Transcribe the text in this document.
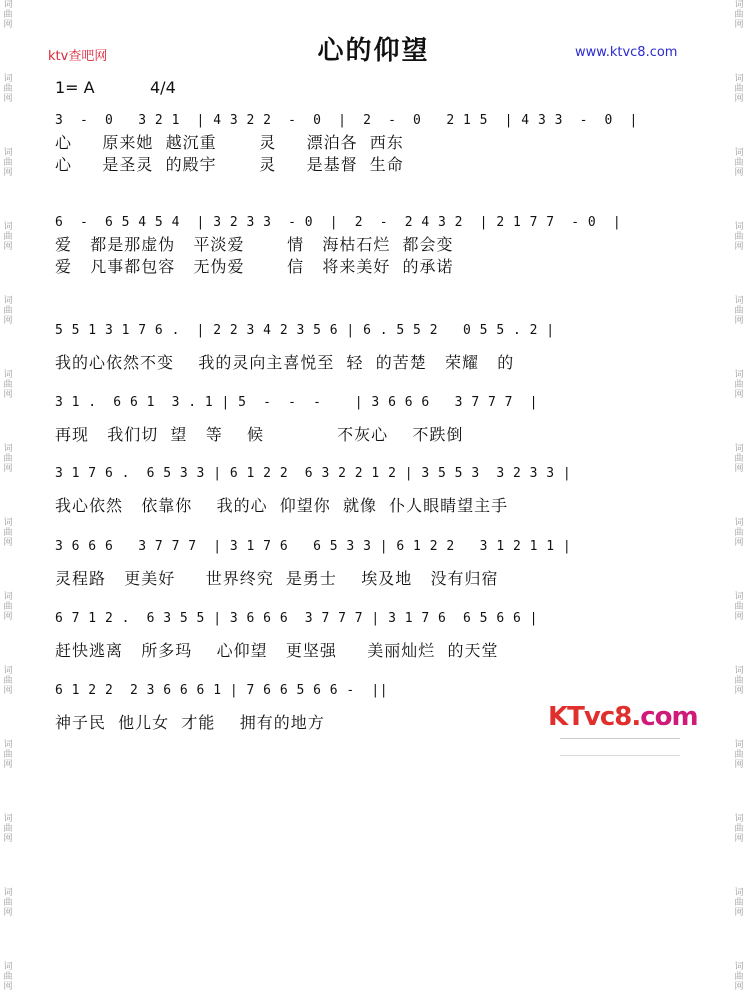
词
曲
网
词
曲
网
词
曲
网
词
曲
网
词
曲
网
词
曲
网
词
曲
网
词
曲
网
词
曲
网
词
曲
网
词
曲
网
词
曲
网
词
曲
网
词
曲
网
词
曲
网
词
曲
网
词
曲
网
词
曲
网
词
曲
网
词
曲
网
词
曲
网
词
曲
网
词
曲
网
词
曲
网
词
曲
网
词
曲
网
词
曲
网
词
曲
网
ktv查吧网	心的仰望	www.ktvc8.com
1= A	4/4
3  -  0   3 2 1  | 4 3 2 2  -  0  |  2  -  0   2 1 5  | 4 3 3  -  0  |
心     原来她  越沉重       灵     漂泊各  西东
心     是圣灵  的殿宇       灵     是基督  生命
6  -  6 5 4 5 4  | 3 2 3 3  - 0  |  2  -  2 4 3 2  | 2 1 7 7  - 0  |
爱   都是那虚伪   平淡爱       情   海枯石烂  都会变
爱   凡事都包容   无伪爱       信   将来美好  的承诺
5 5 1 3 1 7 6 .  | 2 2 3 4 2 3 5 6 | 6 . 5 5 2   0 5 5 . 2 |
我的心依然不变    我的灵向主喜悦至  轻  的苦楚   荣耀   的
3 1 .  6 6 1  3 . 1 | 5  -  -  -    | 3 6 6 6   3 7 7 7  |
再现   我们切  望   等    候            不灰心    不跌倒
3 1 7 6 .  6 5 3 3 | 6 1 2 2  6 3 2 2 1 2 | 3 5 5 3  3 2 3 3 |
我心依然   依靠你    我的心  仰望你  就像  仆人眼睛望主手
3 6 6 6   3 7 7 7  | 3 1 7 6   6 5 3 3 | 6 1 2 2   3 1 2 1 1 |
灵程路   更美好     世界终究  是勇士    埃及地   没有归宿
6 7 1 2 .  6 3 5 5 | 3 6 6 6  3 7 7 7 | 3 1 7 6  6 5 6 6 |
赶快逃离   所多玛    心仰望   更坚强     美丽灿烂  的天堂
6 1 2 2  2 3 6 6 6 1 | 7 6 6 5 6 6 -  ||
神子民  他儿女  才能    拥有的地方	KTvc8.com
